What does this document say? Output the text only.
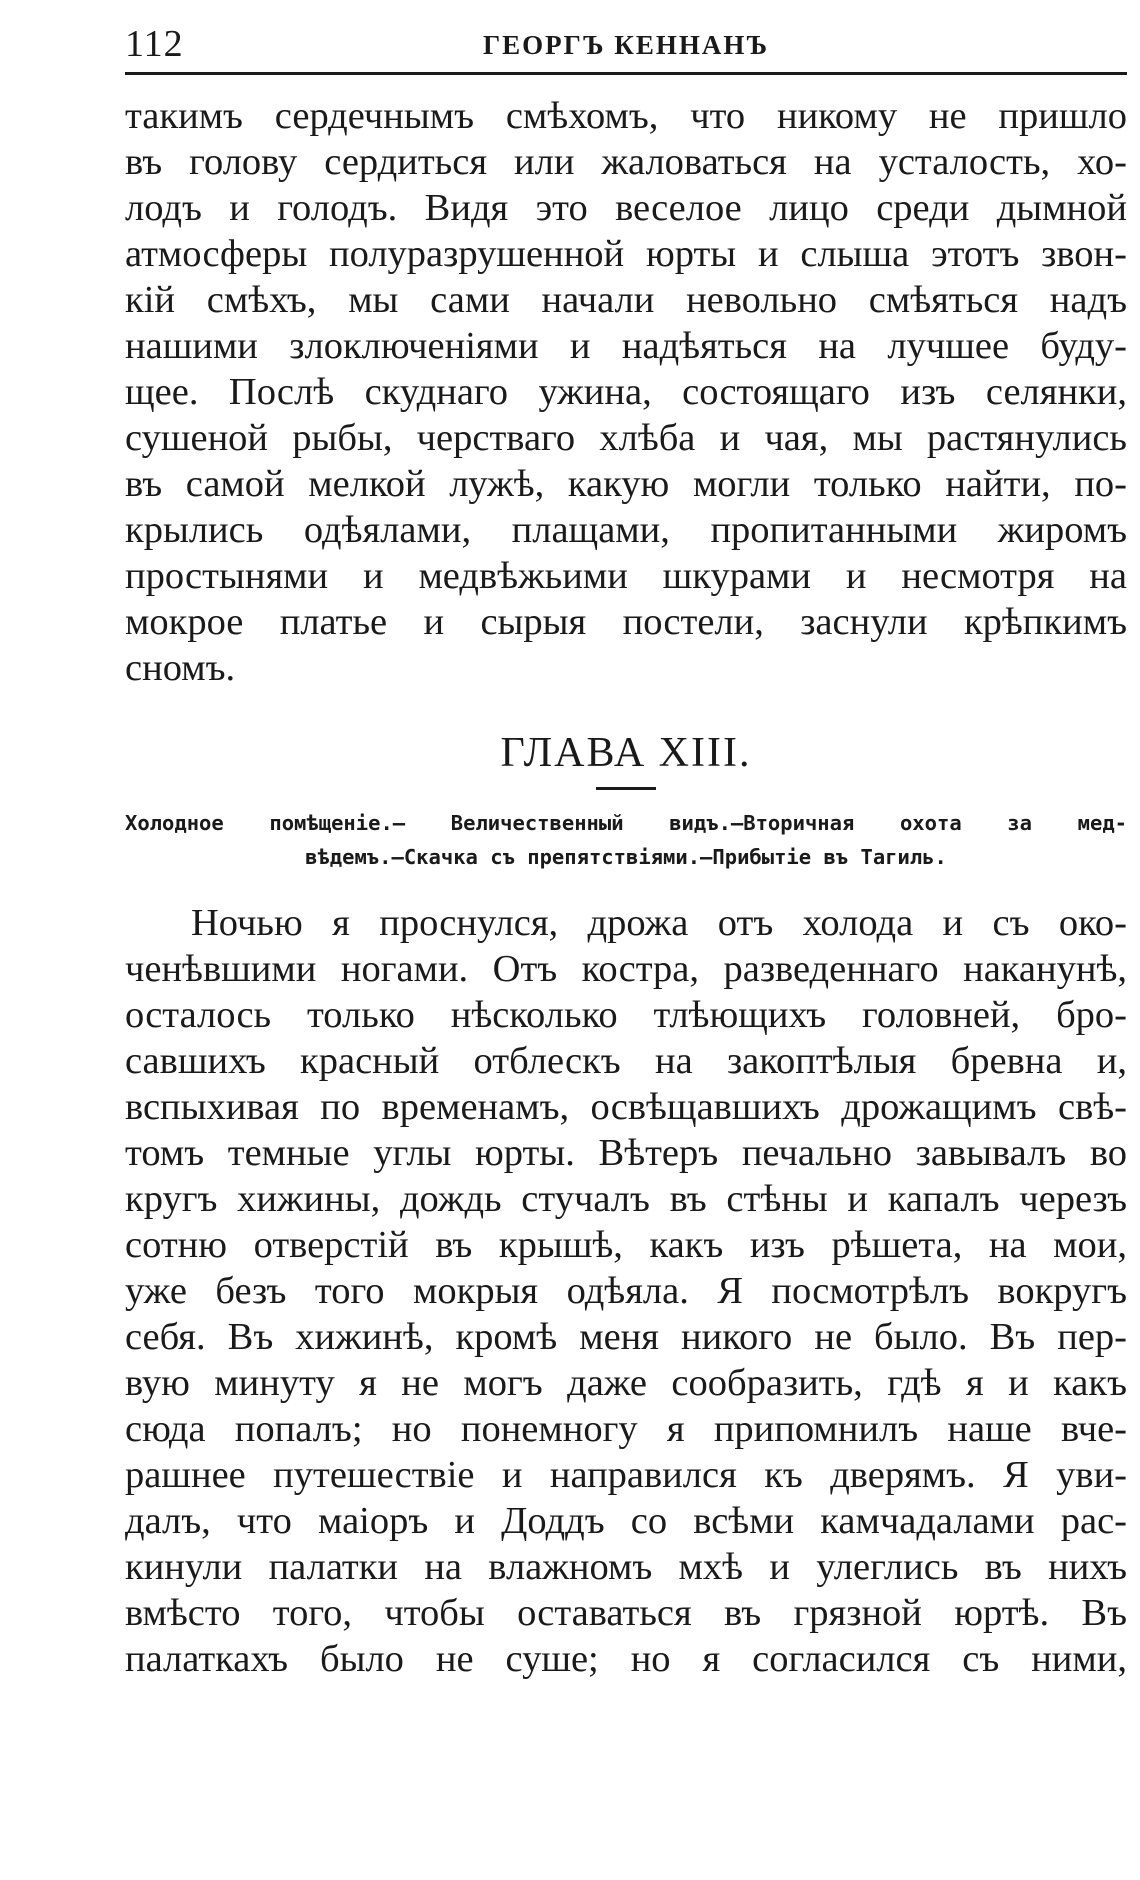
112	ГЕОРГЪ КЕННАНЪ

такимъ сердечнымъ смѣхомъ, что никому не пришло
въ голову сердиться или жаловаться на усталость, хо-
лодъ и голодъ. Видя это веселое лицо среди дымной
атмосферы полуразрушенной юрты и слыша этотъ звон-
кій смѣхъ, мы сами начали невольно смѣяться надъ
нашими злоключеніями и надѣяться на лучшее буду-
щее. Послѣ скуднаго ужина, состоящаго изъ селянки,
сушеной рыбы, черстваго хлѣба и чая, мы растянулись
въ самой мелкой лужѣ, какую могли только найти, по-
крылись одѣялами, плащами, пропитанными жиромъ
простынями и медвѣжьими шкурами и несмотря на
мокрое платье и сырыя постели, заснули крѣпкимъ
сномъ.

ГЛАВА XIII.
Холодное помѣщеніе.— Величественный видъ.—Вторичная охота за мед-
вѣдемъ.—Скачка съ препятствіями.—Прибытіе въ Тагиль.

Ночью я проснулся, дрожа отъ холода и съ око-
ченѣвшими ногами. Отъ костра, разведеннаго наканунѣ,
осталось только нѣсколько тлѣющихъ головней, бро-
савшихъ красный отблескъ на закоптѣлыя бревна и,
вспыхивая по временамъ, освѣщавшихъ дрожащимъ свѣ-
томъ темные углы юрты. Вѣтеръ печально завывалъ во
кругъ хижины, дождь стучалъ въ стѣны и капалъ черезъ
сотню отверстій въ крышѣ, какъ изъ рѣшета, на мои,
уже безъ того мокрыя одѣяла. Я посмотрѣлъ вокругъ
себя. Въ хижинѣ, кромѣ меня никого не было. Въ пер-
вую минуту я не могъ даже сообразить, гдѣ я и какъ
сюда попалъ; но понемногу я припомнилъ наше вче-
рашнее путешествіе и направился къ дверямъ. Я уви-
далъ, что маіоръ и Доддъ со всѣми камчадалами рас-
кинули палатки на влажномъ мхѣ и улеглись въ нихъ
вмѣсто того, чтобы оставаться въ грязной юртѣ. Въ
палаткахъ было не суше; но я согласился съ ними,
